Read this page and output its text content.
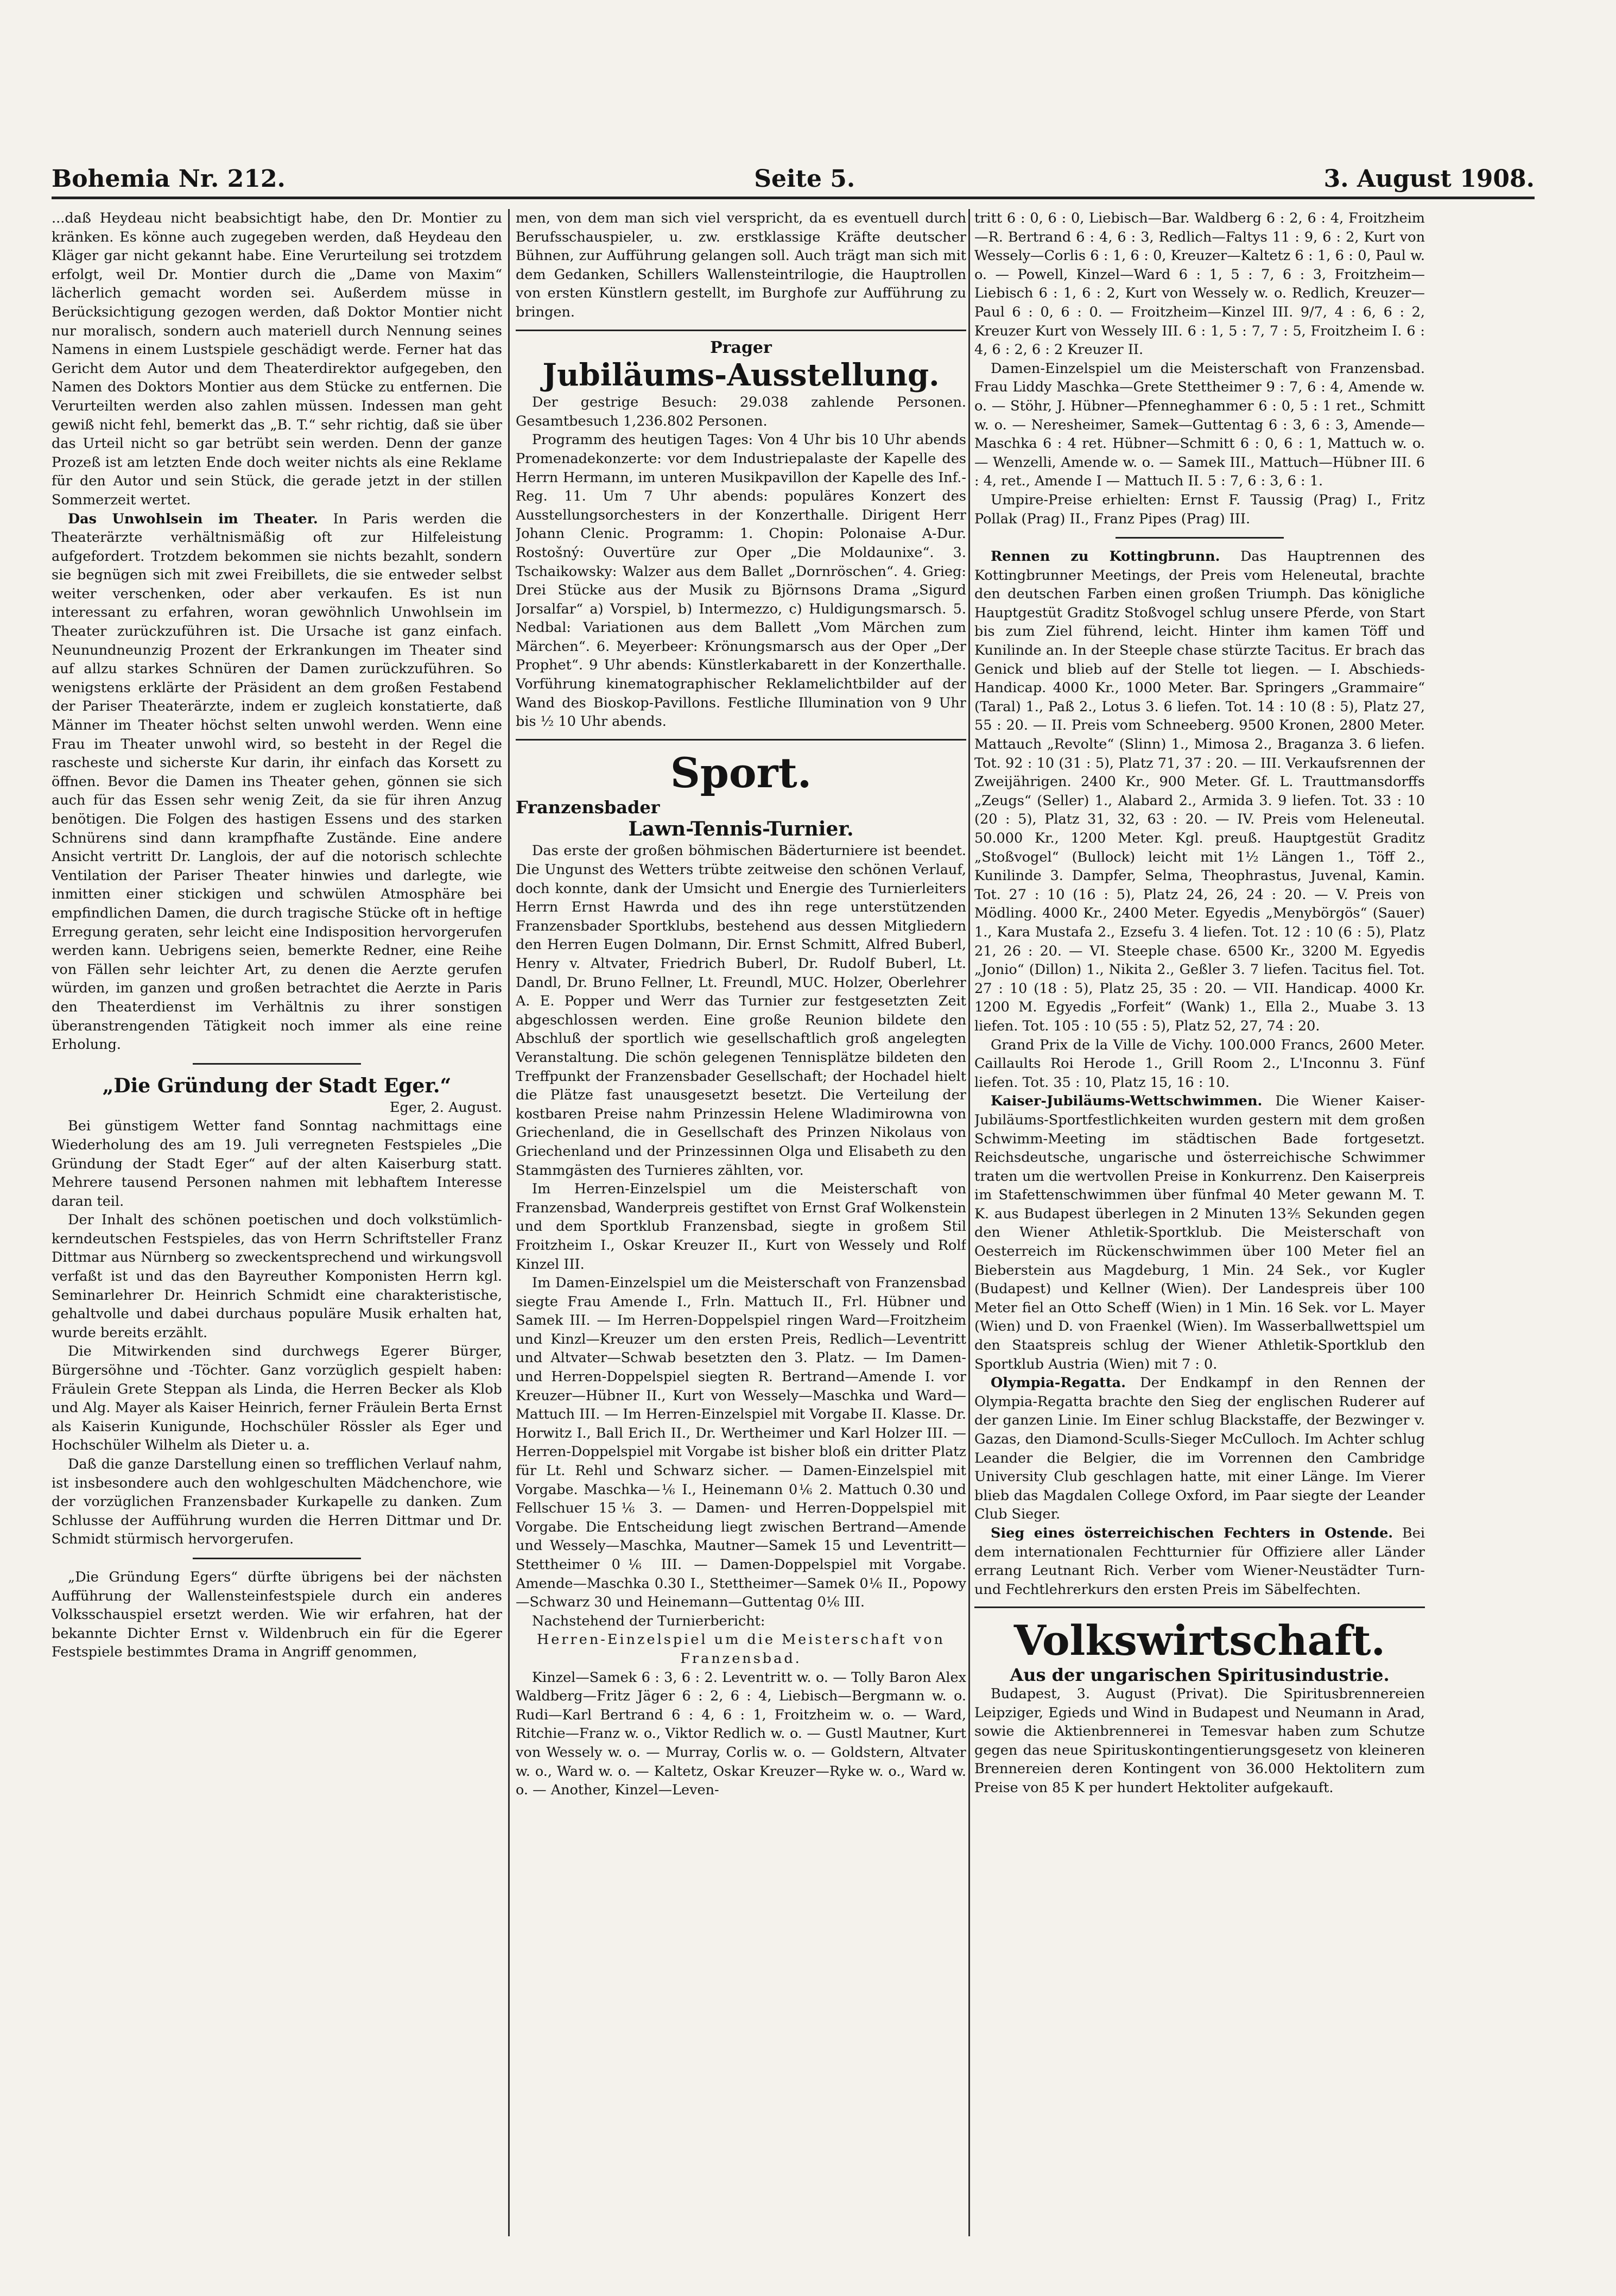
Bohemia Nr. 212.	Seite 5.	3. August 1908.

...daß Heydeau nicht beabsichtigt habe, den Dr. Montier zu kränken. Es könne auch zugegeben werden, daß Heydeau den Kläger gar nicht gekannt habe. Eine Verurteilung sei trotzdem erfolgt, weil Dr. Montier durch die „Dame von Maxim“ lächerlich gemacht worden sei. Außerdem müsse in Berücksichtigung gezogen werden, daß Doktor Montier nicht nur moralisch, sondern auch materiell durch Nennung seines Namens in einem Lustspiele geschädigt werde. Ferner hat das Gericht dem Autor und dem Theaterdirektor aufgegeben, den Namen des Doktors Montier aus dem Stücke zu entfernen. Die Verurteilten werden also zahlen müssen. Indessen man geht gewiß nicht fehl, bemerkt das „B. T.“ sehr richtig, daß sie über das Urteil nicht so gar betrübt sein werden. Denn der ganze Prozeß ist am letzten Ende doch weiter nichts als eine Reklame für den Autor und sein Stück, die gerade jetzt in der stillen Sommerzeit wertet.

Das Unwohlsein im Theater. In Paris werden die Theaterärzte verhältnismäßig oft zur Hilfeleistung aufgefordert. Trotzdem bekommen sie nichts bezahlt, sondern sie begnügen sich mit zwei Freibillets, die sie entweder selbst weiter verschenken, oder aber verkaufen. Es ist nun interessant zu erfahren, woran gewöhnlich Unwohlsein im Theater zurückzuführen ist. Die Ursache ist ganz einfach. Neunundneunzig Prozent der Erkrankungen im Theater sind auf allzu starkes Schnüren der Damen zurückzuführen. So wenigstens erklärte der Präsident an dem großen Festabend der Pariser Theaterärzte, indem er zugleich konstatierte, daß Männer im Theater höchst selten unwohl werden. Wenn eine Frau im Theater unwohl wird, so besteht in der Regel die rascheste und sicherste Kur darin, ihr einfach das Korsett zu öffnen. Bevor die Damen ins Theater gehen, gönnen sie sich auch für das Essen sehr wenig Zeit, da sie für ihren Anzug benötigen. Die Folgen des hastigen Essens und des starken Schnürens sind dann krampfhafte Zustände. Eine andere Ansicht vertritt Dr. Langlois, der auf die notorisch schlechte Ventilation der Pariser Theater hinwies und darlegte, wie inmitten einer stickigen und schwülen Atmosphäre bei empfindlichen Damen, die durch tragische Stücke oft in heftige Erregung geraten, sehr leicht eine Indisposition hervorgerufen werden kann. Uebrigens seien, bemerkte Redner, eine Reihe von Fällen sehr leichter Art, zu denen die Aerzte gerufen würden, im ganzen und großen betrachtet die Aerzte in Paris den Theaterdienst im Verhältnis zu ihrer sonstigen überanstrengenden Tätigkeit noch immer als eine reine Erholung.

„Die Gründung der Stadt Eger.“

Eger, 2. August.

Bei günstigem Wetter fand Sonntag nachmittags eine Wiederholung des am 19. Juli verregneten Festspieles „Die Gründung der Stadt Eger“ auf der alten Kaiserburg statt. Mehrere tausend Personen nahmen mit lebhaftem Interesse daran teil.

Der Inhalt des schönen poetischen und doch volkstümlich-kerndeutschen Festspieles, das von Herrn Schriftsteller Franz Dittmar aus Nürnberg so zweckentsprechend und wirkungsvoll verfaßt ist und das den Bayreuther Komponisten Herrn kgl. Seminarlehrer Dr. Heinrich Schmidt eine charakteristische, gehaltvolle und dabei durchaus populäre Musik erhalten hat, wurde bereits erzählt.

Die Mitwirkenden sind durchwegs Egerer Bürger, Bürgersöhne und -Töchter. Ganz vorzüglich gespielt haben: Fräulein Grete Steppan als Linda, die Herren Becker als Klob und Alg. Mayer als Kaiser Heinrich, ferner Fräulein Berta Ernst als Kaiserin Kunigunde, Hochschüler Rössler als Eger und Hochschüler Wilhelm als Dieter u. a.

Daß die ganze Darstellung einen so trefflichen Verlauf nahm, ist insbesondere auch den wohlgeschulten Mädchenchore, wie der vorzüglichen Franzensbader Kurkapelle zu danken. Zum Schlusse der Aufführung wurden die Herren Dittmar und Dr. Schmidt stürmisch hervorgerufen.

„Die Gründung Egers“ dürfte übrigens bei der nächsten Aufführung der Wallensteinfestspiele durch ein anderes Volksschauspiel ersetzt werden. Wie wir erfahren, hat der bekannte Dichter Ernst v. Wildenbruch ein für die Egerer Festspiele bestimmtes Drama in Angriff genommen,

men, von dem man sich viel verspricht, da es eventuell durch Berufsschauspieler, u. zw. erstklassige Kräfte deutscher Bühnen, zur Aufführung gelangen soll. Auch trägt man sich mit dem Gedanken, Schillers Wallensteintrilogie, die Hauptrollen von ersten Künstlern gestellt, im Burghofe zur Aufführung zu bringen.

Prager

Jubiläums-Ausstellung.

Der gestrige Besuch: 29.038 zahlende Personen. Gesamtbesuch 1,236.802 Personen.

Programm des heutigen Tages: Von 4 Uhr bis 10 Uhr abends Promenadekonzerte: vor dem Industriepalaste der Kapelle des Herrn Hermann, im unteren Musikpavillon der Kapelle des Inf.-Reg. 11. Um 7 Uhr abends: populäres Konzert des Ausstellungsorchesters in der Konzerthalle. Dirigent Herr Johann Clenic. Programm: 1. Chopin: Polonaise A-Dur. Rostošný: Ouvertüre zur Oper „Die Moldaunixe“. 3. Tschaikowsky: Walzer aus dem Ballet „Dornröschen“. 4. Grieg: Drei Stücke aus der Musik zu Björnsons Drama „Sigurd Jorsalfar“ a) Vorspiel, b) Intermezzo, c) Huldigungsmarsch. 5. Nedbal: Variationen aus dem Ballett „Vom Märchen zum Märchen“. 6. Meyerbeer: Krönungsmarsch aus der Oper „Der Prophet“. 9 Uhr abends: Künstlerkabarett in der Konzerthalle. Vorführung kinematographischer Reklamelichtbilder auf der Wand des Bioskop-Pavillons. Festliche Illumination von 9 Uhr bis ½ 10 Uhr abends.

Sport.

Franzensbader

Lawn-Tennis-Turnier.

Das erste der großen böhmischen Bäderturniere ist beendet. Die Ungunst des Wetters trübte zeitweise den schönen Verlauf, doch konnte, dank der Umsicht und Energie des Turnierleiters Herrn Ernst Hawrda und des ihn rege unterstützenden Franzensbader Sportklubs, bestehend aus dessen Mitgliedern den Herren Eugen Dolmann, Dir. Ernst Schmitt, Alfred Buberl, Henry v. Altvater, Friedrich Buberl, Dr. Rudolf Buberl, Lt. Dandl, Dr. Bruno Fellner, Lt. Freundl, MUC. Holzer, Oberlehrer A. E. Popper und Werr das Turnier zur festgesetzten Zeit abgeschlossen werden. Eine große Reunion bildete den Abschluß der sportlich wie gesellschaftlich groß angelegten Veranstaltung. Die schön gelegenen Tennisplätze bildeten den Treffpunkt der Franzensbader Gesellschaft; der Hochadel hielt die Plätze fast unausgesetzt besetzt. Die Verteilung der kostbaren Preise nahm Prinzessin Helene Wladimirowna von Griechenland, die in Gesellschaft des Prinzen Nikolaus von Griechenland und der Prinzessinnen Olga und Elisabeth zu den Stammgästen des Turnieres zählten, vor.

Im Herren-Einzelspiel um die Meisterschaft von Franzensbad, Wanderpreis gestiftet von Ernst Graf Wolkenstein und dem Sportklub Franzensbad, siegte in großem Stil Froitzheim I., Oskar Kreuzer II., Kurt von Wessely und Rolf Kinzel III.

Im Damen-Einzelspiel um die Meisterschaft von Franzensbad siegte Frau Amende I., Frln. Mattuch II., Frl. Hübner und Samek III. — Im Herren-Doppelspiel ringen Ward—Froitzheim und Kinzl—Kreuzer um den ersten Preis, Redlich—Leventritt und Altvater—Schwab besetzten den 3. Platz. — Im Damen- und Herren-Doppelspiel siegten R. Bertrand—Amende I. vor Kreuzer—Hübner II., Kurt von Wessely—Maschka und Ward—Mattuch III. — Im Herren-Einzelspiel mit Vorgabe II. Klasse. Dr. Horwitz I., Ball Erich II., Dr. Wertheimer und Karl Holzer III. — Herren-Doppelspiel mit Vorgabe ist bisher bloß ein dritter Platz für Lt. Rehl und Schwarz sicher. — Damen-Einzelspiel mit Vorgabe. Maschka—⅙ I., Heinemann 0⅙ 2. Mattuch 0.30 und Fellschuer 15⅙ 3. — Damen- und Herren-Doppelspiel mit Vorgabe. Die Entscheidung liegt zwischen Bertrand—Amende und Wessely—Maschka, Mautner—Samek 15 und Leventritt—Stettheimer 0⅙ III. — Damen-Doppelspiel mit Vorgabe. Amende—Maschka 0.30 I., Stettheimer—Samek 0⅙ II., Popowy—Schwarz 30 und Heinemann—Guttentag 0⅙ III.

Nachstehend der Turnierbericht:

Herren-Einzelspiel um die Meisterschaft von Franzensbad.

Kinzel—Samek 6 : 3, 6 : 2. Leventritt w. o. — Tolly Baron Alex Waldberg—Fritz Jäger 6 : 2, 6 : 4, Liebisch—Bergmann w. o. Rudi—Karl Bertrand 6 : 4, 6 : 1, Froitzheim w. o. — Ward, Ritchie—Franz w. o., Viktor Redlich w. o. — Gustl Mautner, Kurt von Wessely w. o. — Murray, Corlis w. o. — Goldstern, Altvater w. o., Ward w. o. — Kaltetz, Oskar Kreuzer—Ryke w. o., Ward w. o. — Another, Kinzel—Leven-

tritt 6 : 0, 6 : 0, Liebisch—Bar. Waldberg 6 : 2, 6 : 4, Froitzheim—R. Bertrand 6 : 4, 6 : 3, Redlich—Faltys 11 : 9, 6 : 2, Kurt von Wessely—Corlis 6 : 1, 6 : 0, Kreuzer—Kaltetz 6 : 1, 6 : 0, Paul w. o. — Powell, Kinzel—Ward 6 : 1, 5 : 7, 6 : 3, Froitzheim—Liebisch 6 : 1, 6 : 2, Kurt von Wessely w. o. Redlich, Kreuzer—Paul 6 : 0, 6 : 0. — Froitzheim—Kinzel III. 9/7, 4 : 6, 6 : 2, Kreuzer Kurt von Wessely III. 6 : 1, 5 : 7, 7 : 5, Froitzheim I. 6 : 4, 6 : 2, 6 : 2 Kreuzer II.

Damen-Einzelspiel um die Meisterschaft von Franzensbad. Frau Liddy Maschka—Grete Stettheimer 9 : 7, 6 : 4, Amende w. o. — Stöhr, J. Hübner—Pfenneghammer 6 : 0, 5 : 1 ret., Schmitt w. o. — Neresheimer, Samek—Guttentag 6 : 3, 6 : 3, Amende—Maschka 6 : 4 ret. Hübner—Schmitt 6 : 0, 6 : 1, Mattuch w. o. — Wenzelli, Amende w. o. — Samek III., Mattuch—Hübner III. 6 : 4, ret., Amende I — Mattuch II. 5 : 7, 6 : 3, 6 : 1.

Umpire-Preise erhielten: Ernst F. Taussig (Prag) I., Fritz Pollak (Prag) II., Franz Pipes (Prag) III.

Rennen zu Kottingbrunn. Das Hauptrennen des Kottingbrunner Meetings, der Preis vom Heleneutal, brachte den deutschen Farben einen großen Triumph. Das königliche Hauptgestüt Graditz Stoßvogel schlug unsere Pferde, von Start bis zum Ziel führend, leicht. Hinter ihm kamen Töff und Kunilinde an. In der Steeple chase stürzte Tacitus. Er brach das Genick und blieb auf der Stelle tot liegen. — I. Abschieds-Handicap. 4000 Kr., 1000 Meter. Bar. Springers „Grammaire“ (Taral) 1., Paß 2., Lotus 3. 6 liefen. Tot. 14 : 10 (8 : 5), Platz 27, 55 : 20. — II. Preis vom Schneeberg. 9500 Kronen, 2800 Meter. Mattauch „Revolte“ (Slinn) 1., Mimosa 2., Braganza 3. 6 liefen. Tot. 92 : 10 (31 : 5), Platz 71, 37 : 20. — III. Verkaufsrennen der Zweijährigen. 2400 Kr., 900 Meter. Gf. L. Trauttmansdorffs „Zeugs“ (Seller) 1., Alabard 2., Armida 3. 9 liefen. Tot. 33 : 10 (20 : 5), Platz 31, 32, 63 : 20. — IV. Preis vom Heleneutal. 50.000 Kr., 1200 Meter. Kgl. preuß. Hauptgestüt Graditz „Stoßvogel“ (Bullock) leicht mit 1½ Längen 1., Töff 2., Kunilinde 3. Dampfer, Selma, Theophrastus, Juvenal, Kamin. Tot. 27 : 10 (16 : 5), Platz 24, 26, 24 : 20. — V. Preis von Mödling. 4000 Kr., 2400 Meter. Egyedis „Menybörgös“ (Sauer) 1., Kara Mustafa 2., Ezsefu 3. 4 liefen. Tot. 12 : 10 (6 : 5), Platz 21, 26 : 20. — VI. Steeple chase. 6500 Kr., 3200 M. Egyedis „Jonio“ (Dillon) 1., Nikita 2., Geßler 3. 7 liefen. Tacitus fiel. Tot. 27 : 10 (18 : 5), Platz 25, 35 : 20. — VII. Handicap. 4000 Kr. 1200 M. Egyedis „Forfeit“ (Wank) 1., Ella 2., Muabe 3. 13 liefen. Tot. 105 : 10 (55 : 5), Platz 52, 27, 74 : 20.

Grand Prix de la Ville de Vichy. 100.000 Francs, 2600 Meter. Caillaults Roi Herode 1., Grill Room 2., L'Inconnu 3. Fünf liefen. Tot. 35 : 10, Platz 15, 16 : 10.

Kaiser-Jubiläums-Wettschwimmen. Die Wiener Kaiser-Jubiläums-Sportfestlichkeiten wurden gestern mit dem großen Schwimm-Meeting im städtischen Bade fortgesetzt. Reichsdeutsche, ungarische und österreichische Schwimmer traten um die wertvollen Preise in Konkurrenz. Den Kaiserpreis im Stafettenschwimmen über fünfmal 40 Meter gewann M. T. K. aus Budapest überlegen in 2 Minuten 13⅖ Sekunden gegen den Wiener Athletik-Sportklub. Die Meisterschaft von Oesterreich im Rückenschwimmen über 100 Meter fiel an Bieberstein aus Magdeburg, 1 Min. 24 Sek., vor Kugler (Budapest) und Kellner (Wien). Der Landespreis über 100 Meter fiel an Otto Scheff (Wien) in 1 Min. 16 Sek. vor L. Mayer (Wien) und D. von Fraenkel (Wien). Im Wasserballwettspiel um den Staatspreis schlug der Wiener Athletik-Sportklub den Sportklub Austria (Wien) mit 7 : 0.

Olympia-Regatta. Der Endkampf in den Rennen der Olympia-Regatta brachte den Sieg der englischen Ruderer auf der ganzen Linie. Im Einer schlug Blackstaffe, der Bezwinger v. Gazas, den Diamond-Sculls-Sieger McCulloch. Im Achter schlug Leander die Belgier, die im Vorrennen den Cambridge University Club geschlagen hatte, mit einer Länge. Im Vierer blieb das Magdalen College Oxford, im Paar siegte der Leander Club Sieger.

Sieg eines österreichischen Fechters in Ostende. Bei dem internationalen Fechtturnier für Offiziere aller Länder errang Leutnant Rich. Verber vom Wiener-Neustädter Turn- und Fechtlehrerkurs den ersten Preis im Säbelfechten.

Volkswirtschaft.

Aus der ungarischen Spiritusindustrie.

Budapest, 3. August (Privat). Die Spiritusbrennereien Leipziger, Egieds und Wind in Budapest und Neumann in Arad, sowie die Aktienbrennerei in Temesvar haben zum Schutze gegen das neue Spirituskontingentierungsgesetz von kleineren Brennereien deren Kontingent von 36.000 Hektolitern zum Preise von 85 K per hundert Hektoliter aufgekauft.
